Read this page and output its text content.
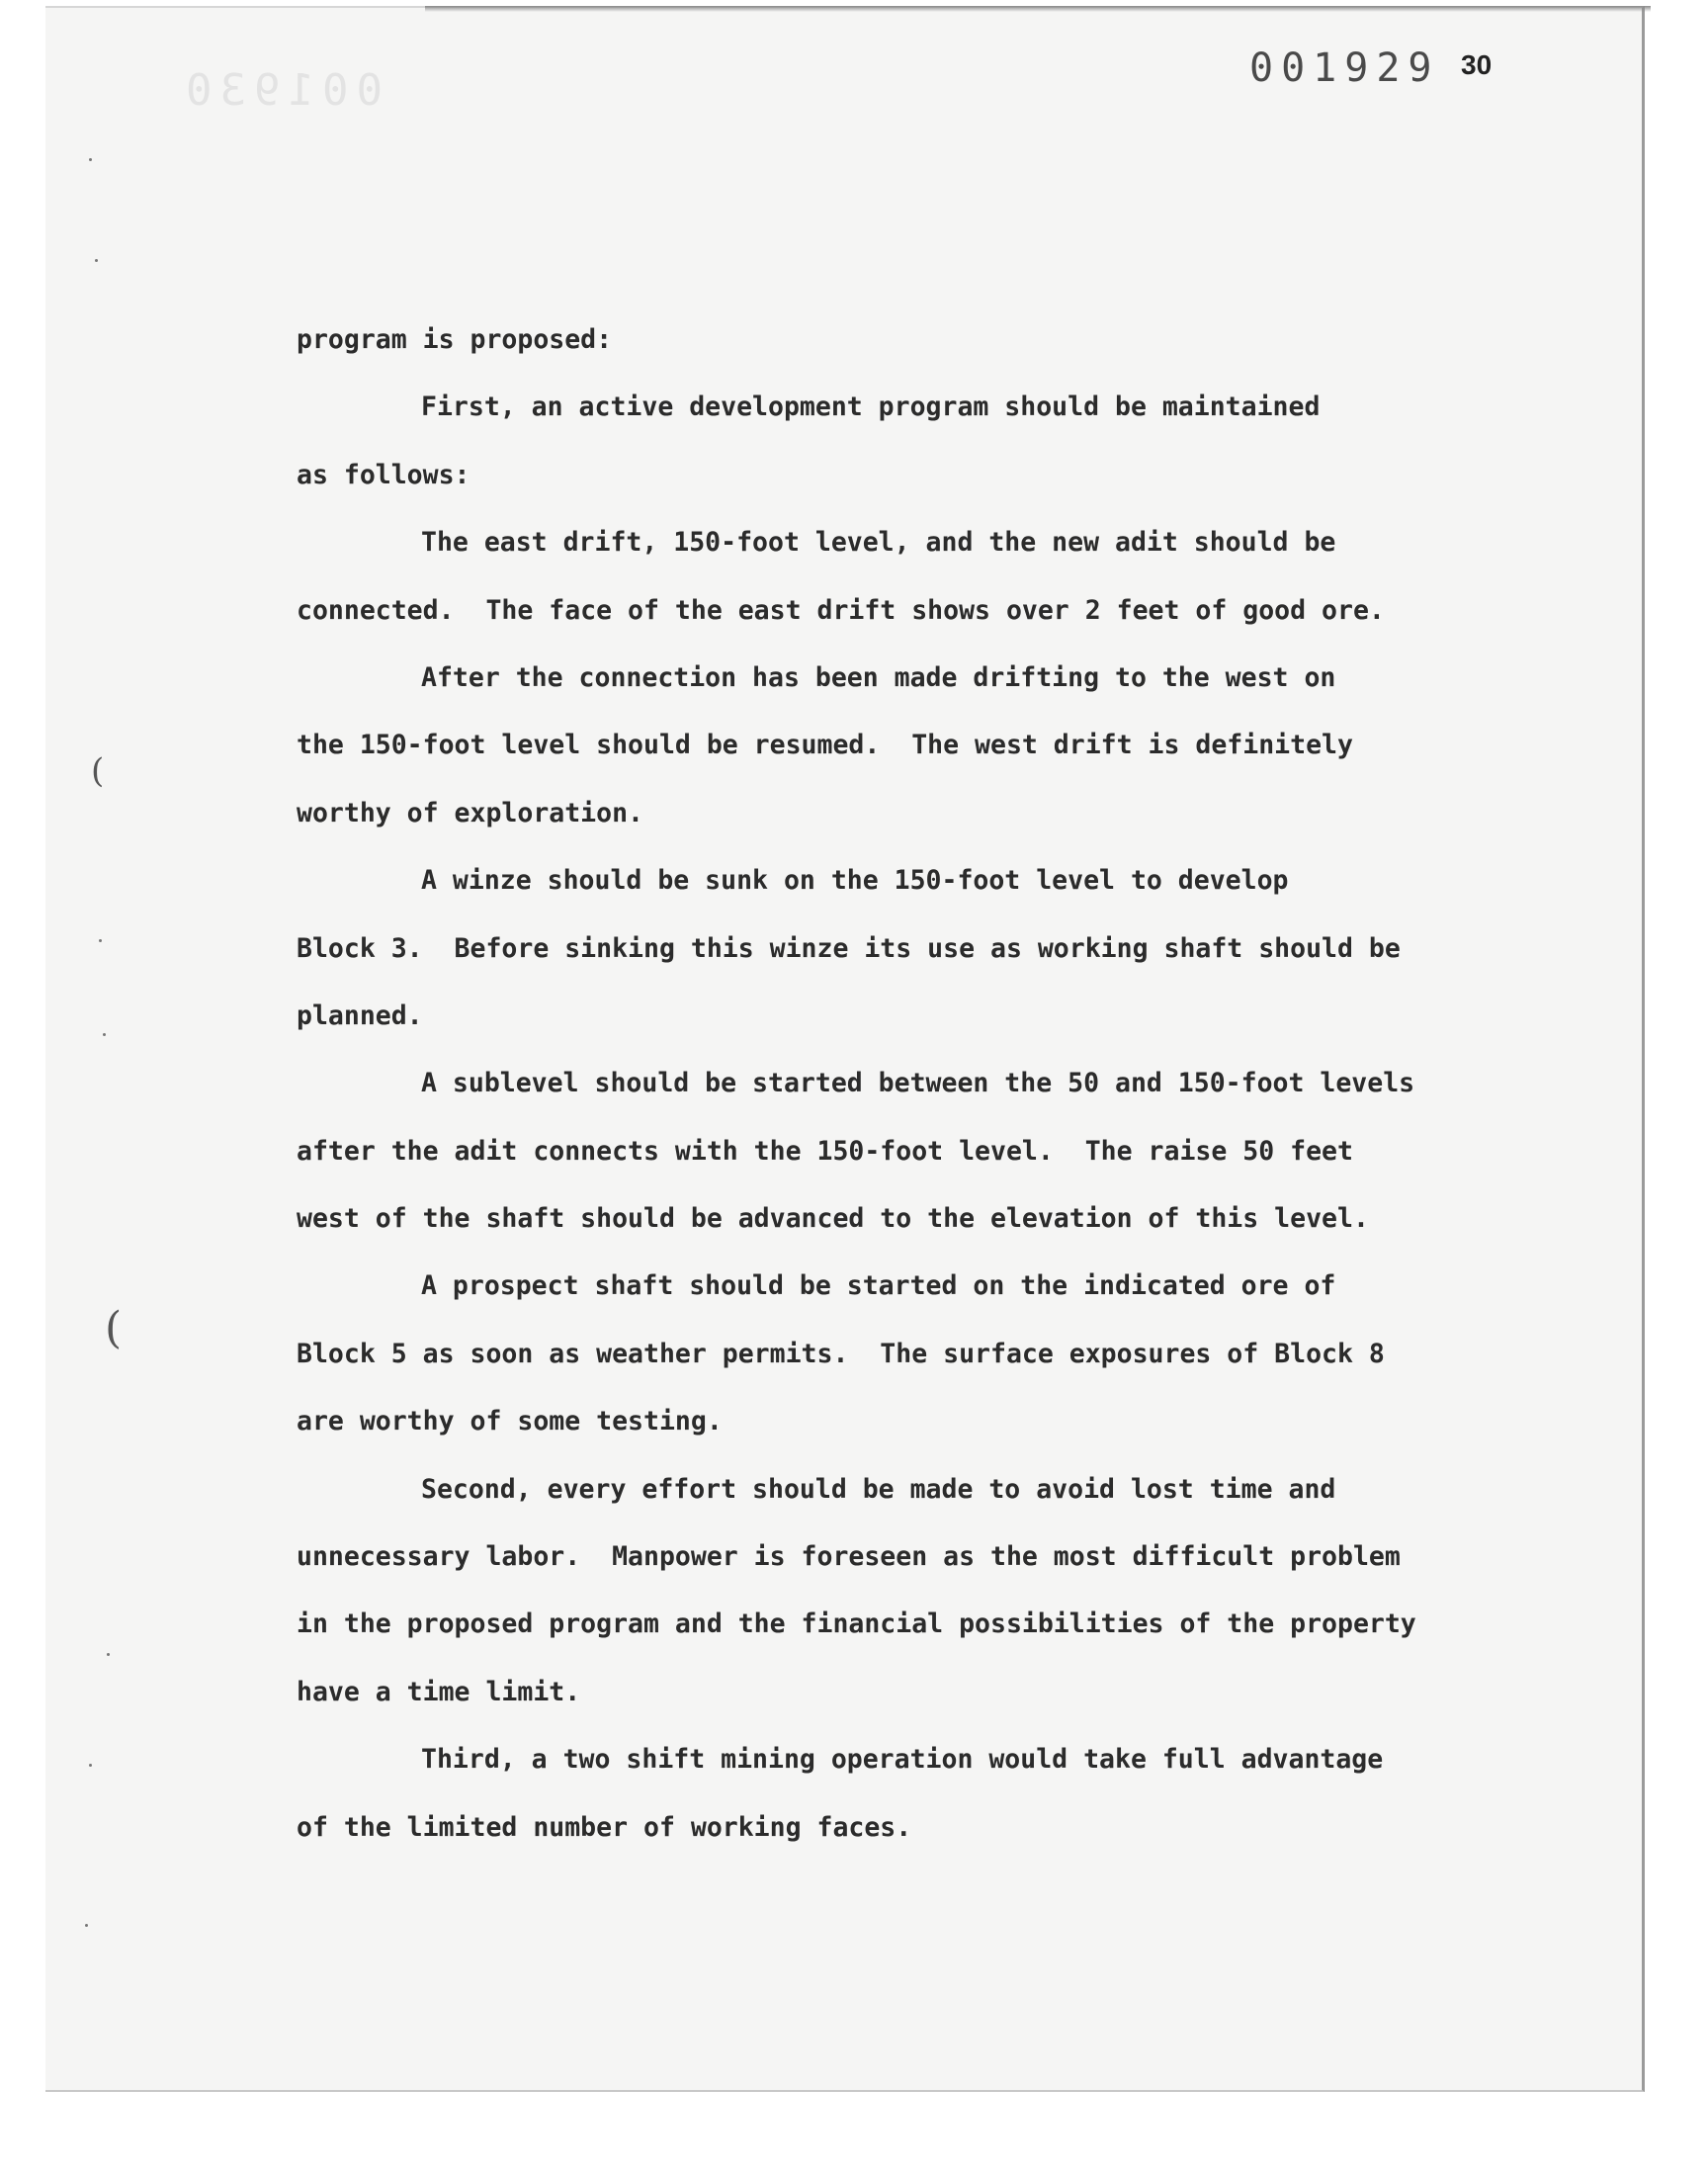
001930	001929 30
(
(
program is proposed:
First, an active development program should be maintained
as follows:
The east drift, 150-foot level, and the new adit should be
connected.  The face of the east drift shows over 2 feet of good ore.
After the connection has been made drifting to the west on
the 150-foot level should be resumed.  The west drift is definitely
worthy of exploration.
A winze should be sunk on the 150-foot level to develop
Block 3.  Before sinking this winze its use as working shaft should be
planned.
A sublevel should be started between the 50 and 150-foot levels
after the adit connects with the 150-foot level.  The raise 50 feet
west of the shaft should be advanced to the elevation of this level.
A prospect shaft should be started on the indicated ore of
Block 5 as soon as weather permits.  The surface exposures of Block 8
are worthy of some testing.
Second, every effort should be made to avoid lost time and
unnecessary labor.  Manpower is foreseen as the most difficult problem
in the proposed program and the financial possibilities of the property
have a time limit.
Third, a two shift mining operation would take full advantage
of the limited number of working faces.
